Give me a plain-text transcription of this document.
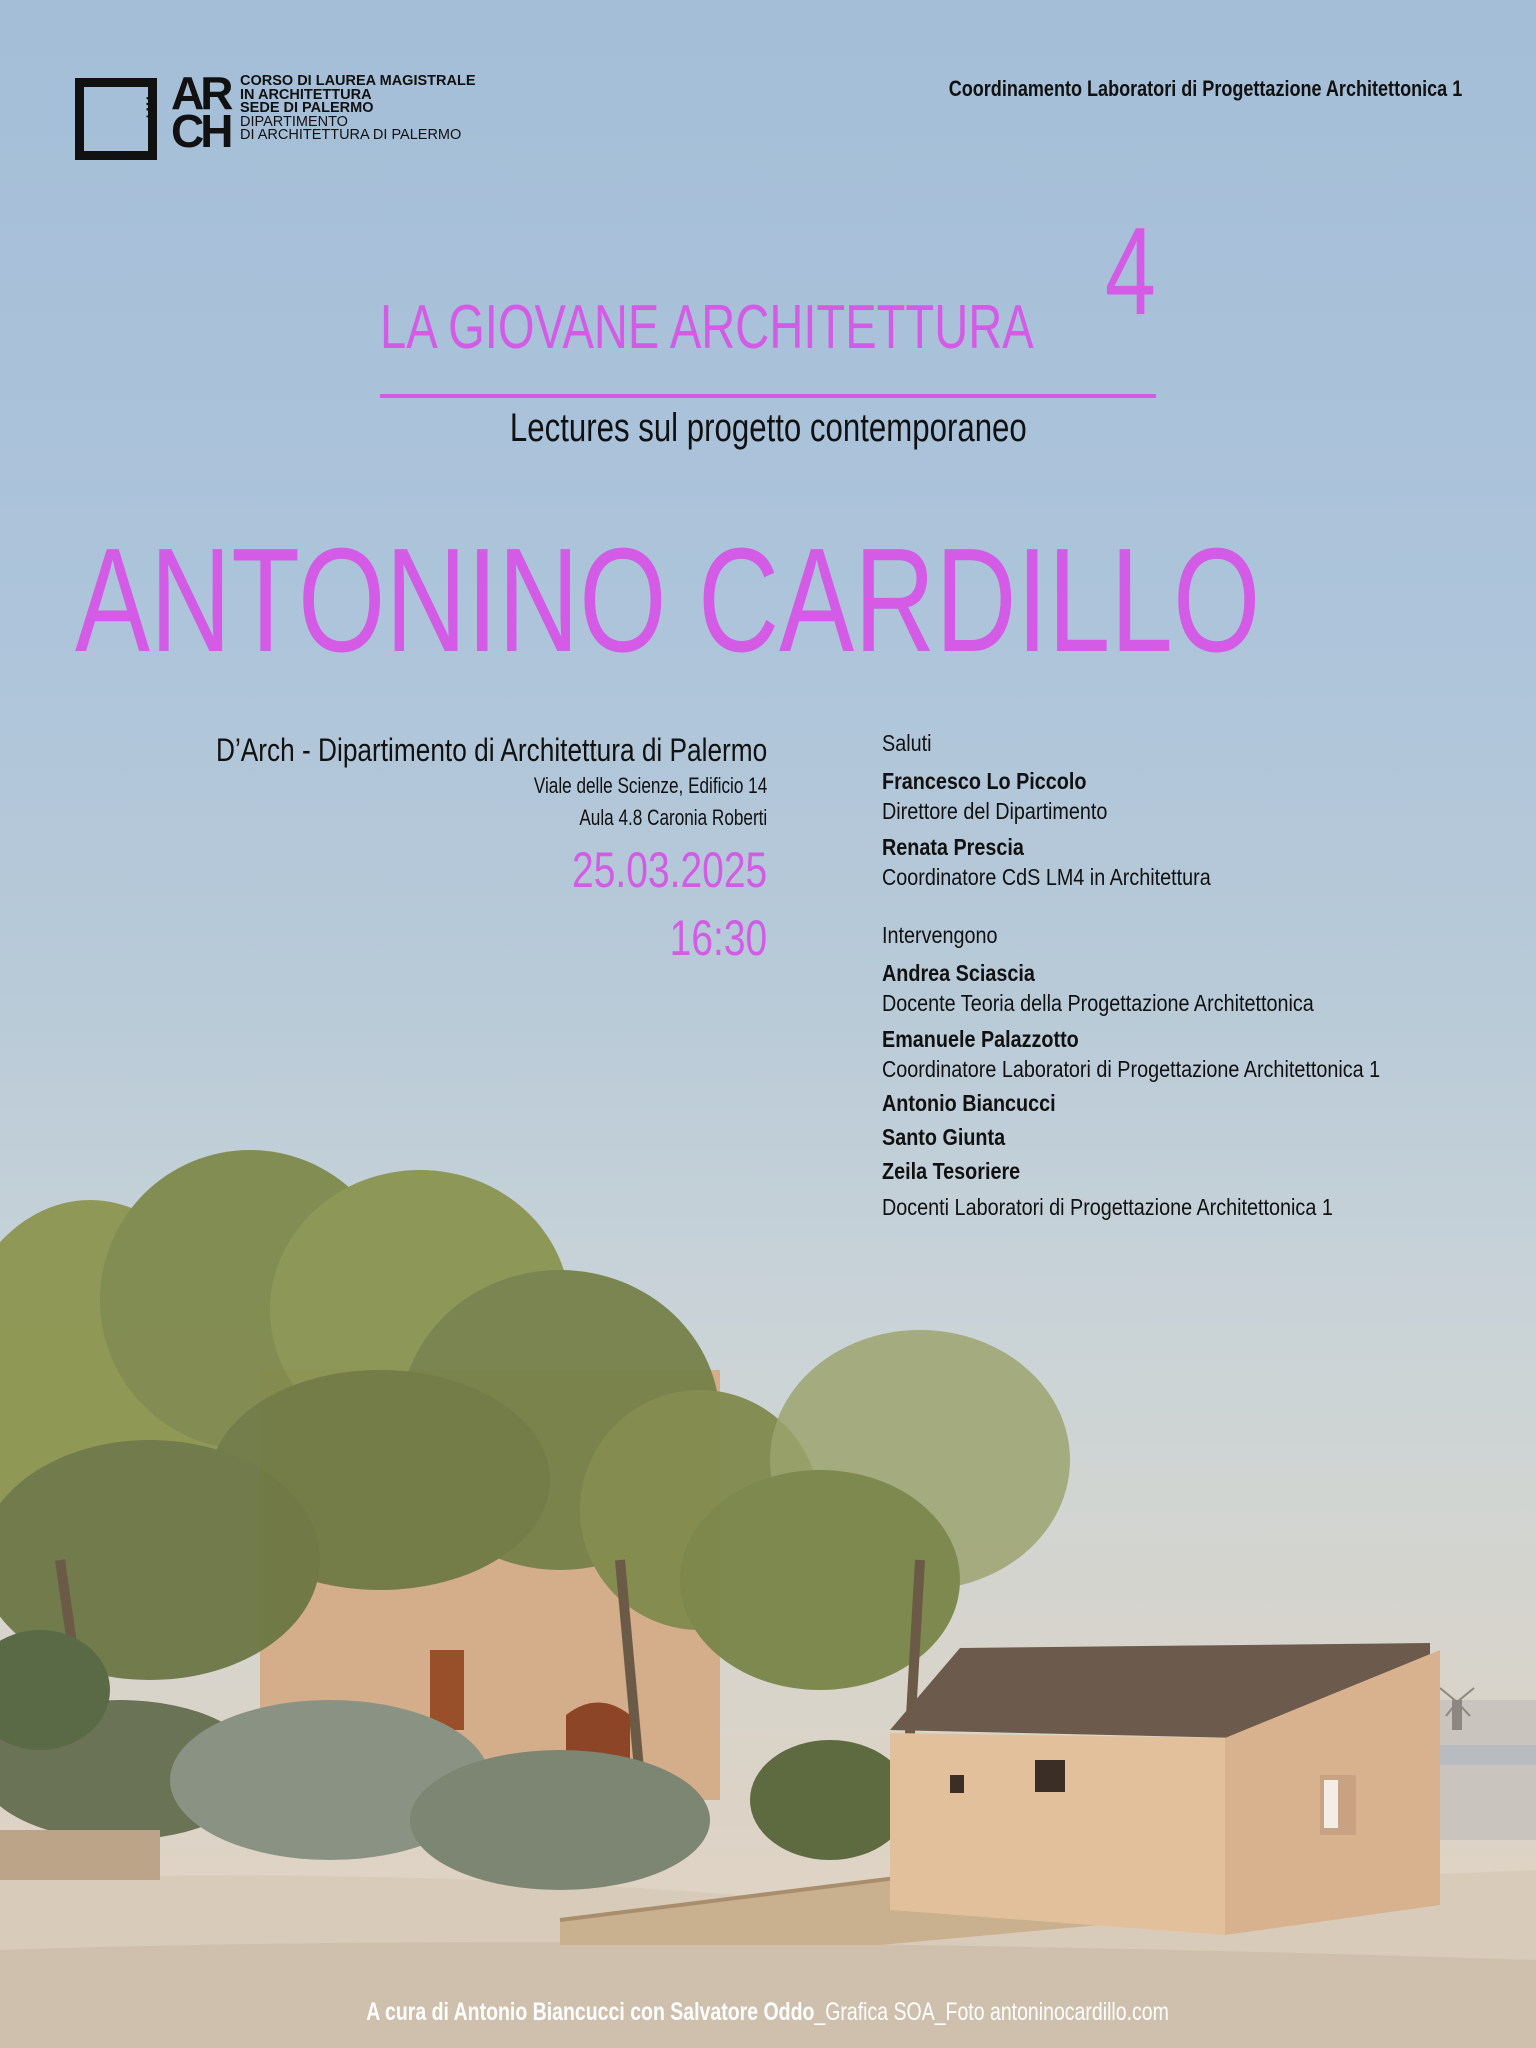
LM4 AR CH
CORSO DI LAUREA MAGISTRALE
IN ARCHITETTURA
SEDE DI PALERMO
DIPARTIMENTO
DI ARCHITETTURA DI PALERMO
Coordinamento Laboratori di Progettazione Architettonica 1
LA GIOVANE ARCHITETTURA 4
Lectures sul progetto contemporaneo
ANTONINO CARDILLO
D’Arch - Dipartimento di Architettura di Palermo
Viale delle Scienze, Edificio 14
Aula 4.8 Caronia Roberti
25.03.2025
16:30
Saluti
Francesco Lo Piccolo
Direttore del Dipartimento
Renata Prescia
Coordinatore CdS LM4 in Architettura
Intervengono
Andrea Sciascia
Docente Teoria della Progettazione Architettonica
Emanuele Palazzotto
Coordinatore Laboratori di Progettazione Architettonica 1
Antonio Biancucci
Santo Giunta
Zeila Tesoriere
Docenti Laboratori di Progettazione Architettonica 1
A cura di Antonio Biancucci con Salvatore Oddo_Grafica SOA_Foto antoninocardillo.com
